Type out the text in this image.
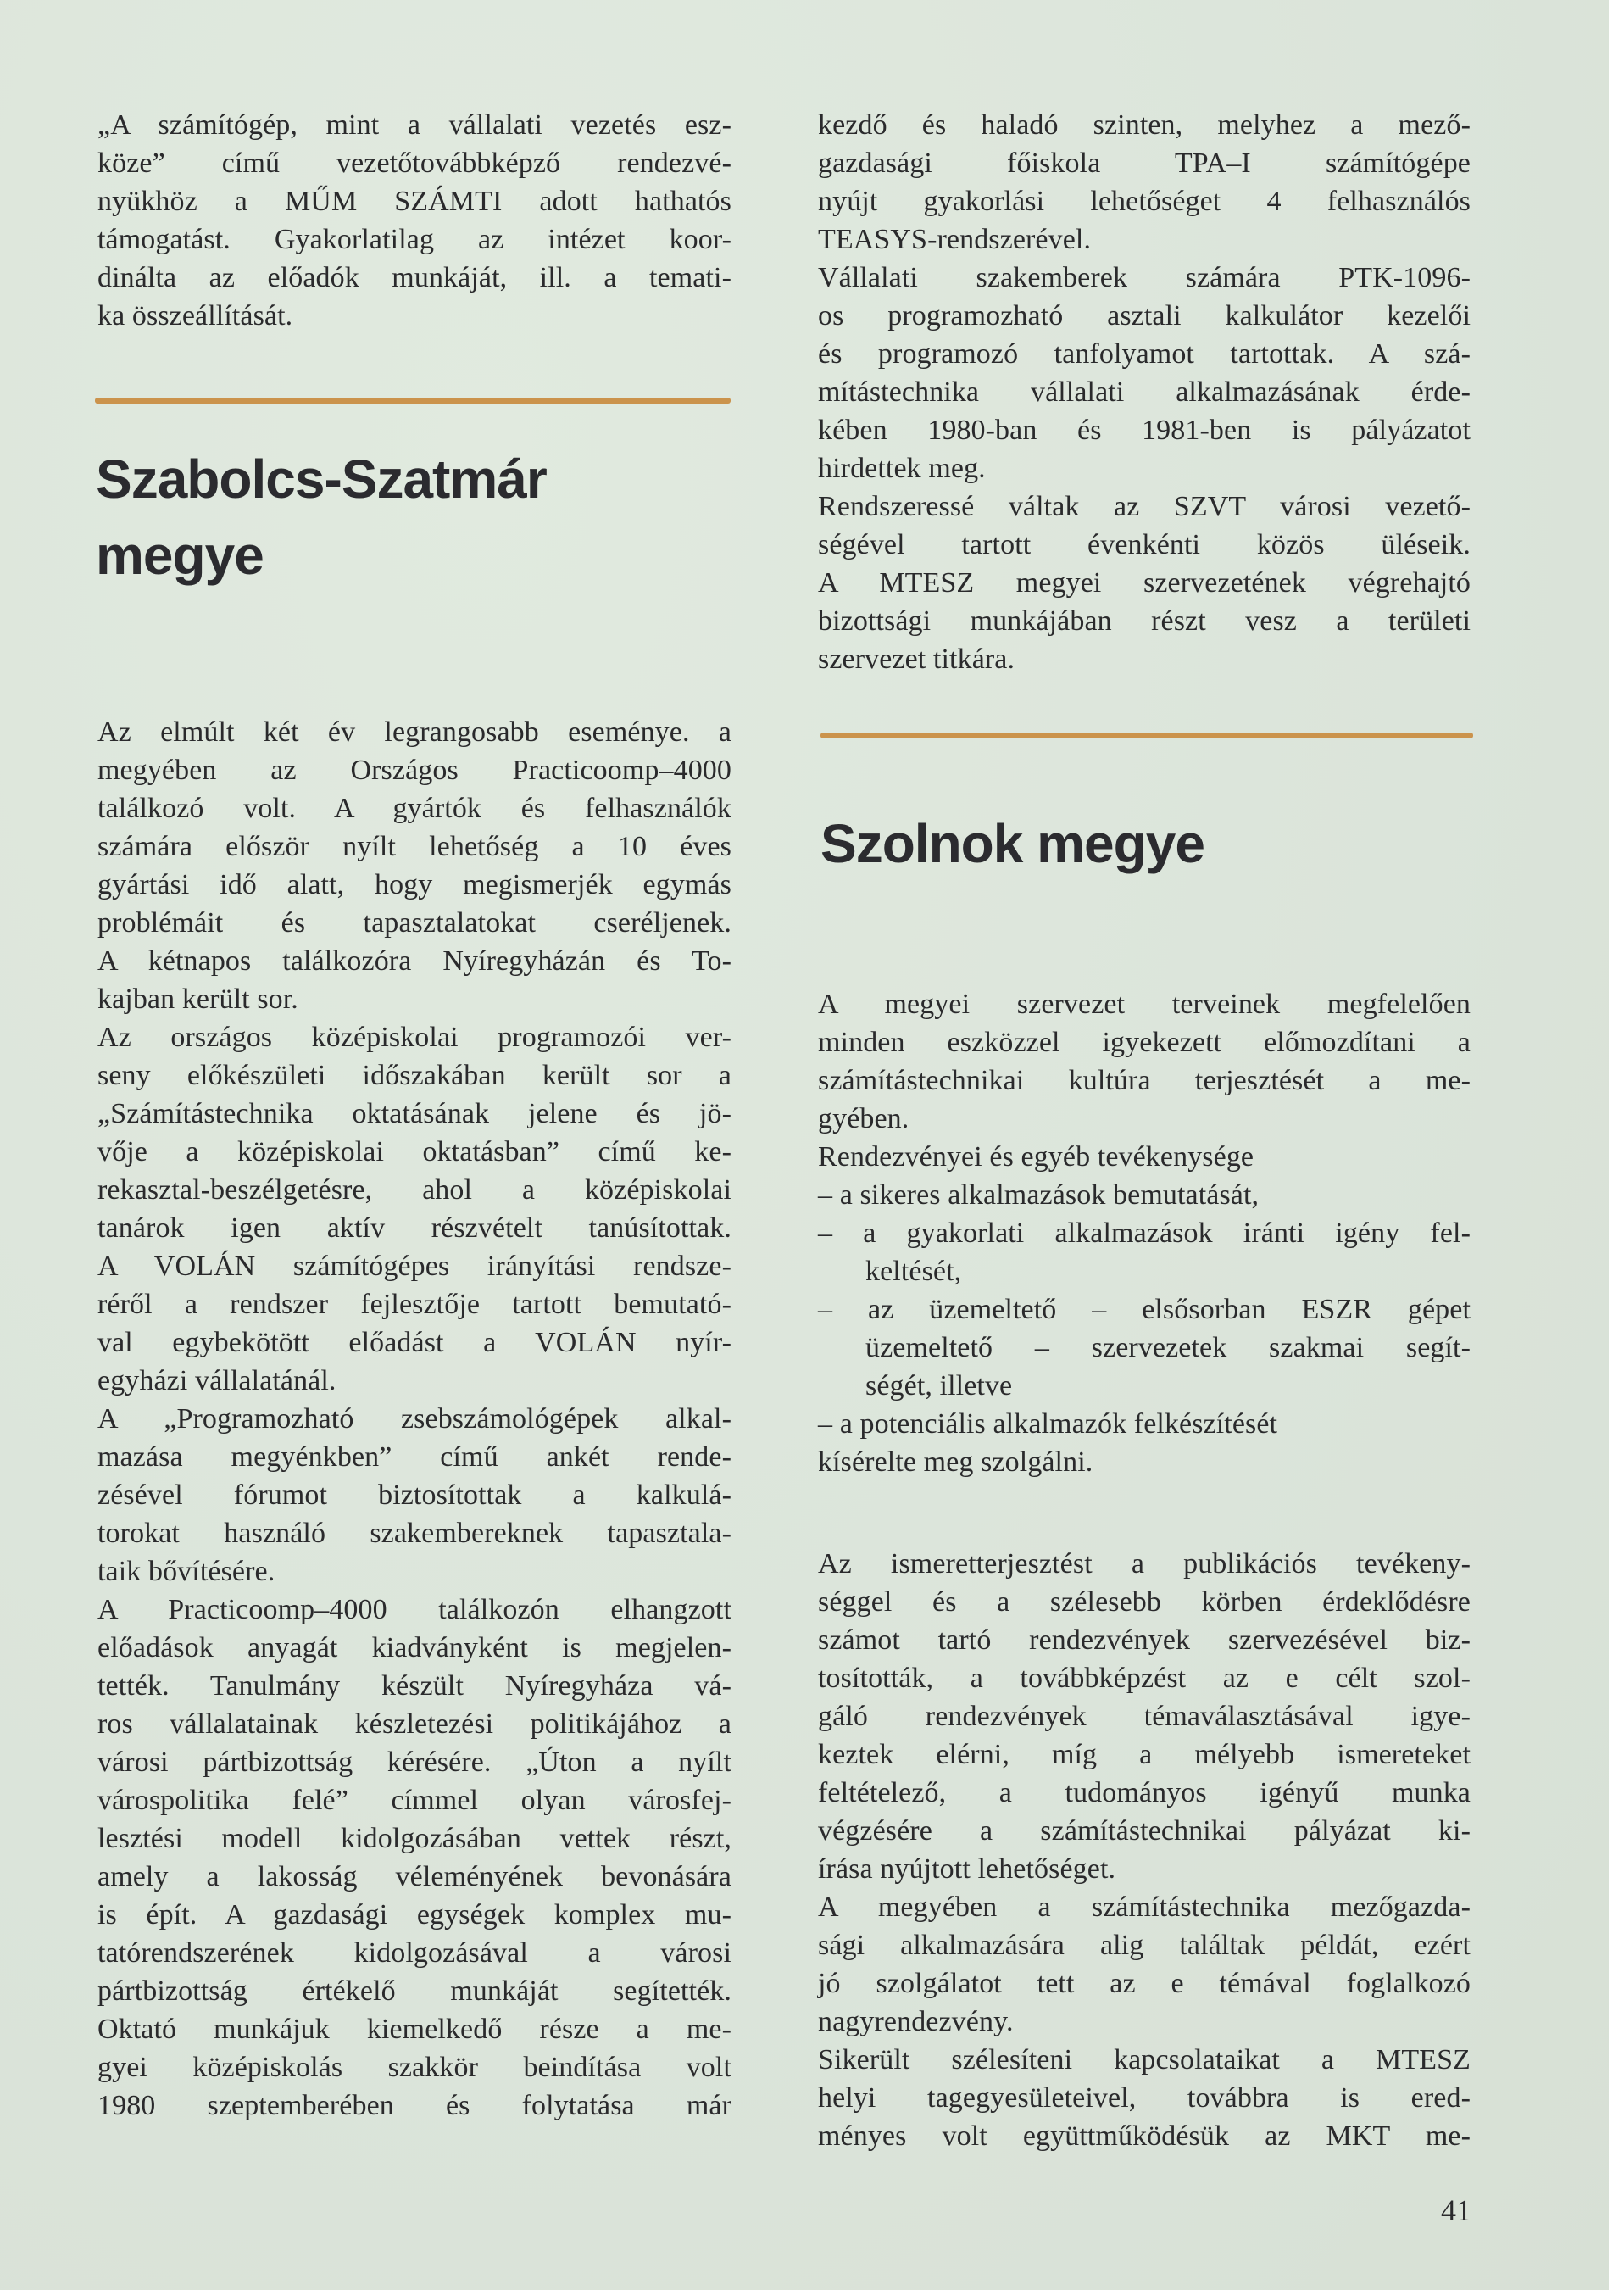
„A számítógép, mint a vállalati vezetés esz-
köze” című vezetőtovábbképző rendezvé-
nyükhöz a MŰM SZÁMTI adott hathatós
támogatást. Gyakorlatilag az intézet koor-
dinálta az előadók munkáját, ill. a temati-
ka összeállítását.
Szabolcs-Szatmár
megye
Az elmúlt két év legrangosabb eseménye. a
megyében az Országos Practicoomp–4000
találkozó volt. A gyártók és felhasználók
számára először nyílt lehetőség a 10 éves
gyártási idő alatt, hogy megismerjék egymás
problémáit és tapasztalatokat cseréljenek.
A kétnapos találkozóra Nyíregyházán és To-
kajban került sor.
Az országos középiskolai programozói ver-
seny előkészületi időszakában került sor a
„Számítástechnika oktatásának jelene és jö-
vője a középiskolai oktatásban” című ke-
rekasztal-beszélgetésre, ahol a középiskolai
tanárok igen aktív részvételt tanúsítottak.
A VOLÁN számítógépes irányítási rendsze-
réről a rendszer fejlesztője tartott bemutató-
val egybekötött előadást a VOLÁN nyír-
egyházi vállalatánál.
A „Programozható zsebszámológépek alkal-
mazása megyénkben” című ankét rende-
zésével fórumot biztosítottak a kalkulá-
torokat használó szakembereknek tapasztala-
taik bővítésére.
A Practicoomp–4000 találkozón elhangzott
előadások anyagát kiadványként is megjelen-
tették. Tanulmány készült Nyíregyháza vá-
ros vállalatainak készletezési politikájához a
városi pártbizottság kérésére. „Úton a nyílt
várospolitika felé” címmel olyan városfej-
lesztési modell kidolgozásában vettek részt,
amely a lakosság véleményének bevonására
is épít. A gazdasági egységek komplex mu-
tatórendszerének kidolgozásával a városi
pártbizottság értékelő munkáját segítették.
Oktató munkájuk kiemelkedő része a me-
gyei középiskolás szakkör beindítása volt
1980 szeptemberében és folytatása már
kezdő és haladó szinten, melyhez a mező-
gazdasági főiskola TPA–I számítógépe
nyújt gyakorlási lehetőséget 4 felhasználós
TEASYS-rendszerével.
Vállalati szakemberek számára PTK-1096-
os programozható asztali kalkulátor kezelői
és programozó tanfolyamot tartottak. A szá-
mítástechnika vállalati alkalmazásának érde-
kében 1980-ban és 1981-ben is pályázatot
hirdettek meg.
Rendszeressé váltak az SZVT városi vezető-
ségével tartott évenkénti közös üléseik.
A MTESZ megyei szervezetének végrehajtó
bizottsági munkájában részt vesz a területi
szervezet titkára.
Szolnok megye
A megyei szervezet terveinek megfelelően
minden eszközzel igyekezett előmozdítani a
számítástechnikai kultúra terjesztését a me-
gyében.
Rendezvényei és egyéb tevékenysége
– a sikeres alkalmazások bemutatását,
– a gyakorlati alkalmazások iránti igény fel-
keltését,
– az üzemeltető – elsősorban ESZR gépet
üzemeltető – szervezetek szakmai segít-
ségét, illetve
– a potenciális alkalmazók felkészítését
kísérelte meg szolgálni.
Az ismeretterjesztést a publikációs tevékeny-
séggel és a szélesebb körben érdeklődésre
számot tartó rendezvények szervezésével biz-
tosították, a továbbképzést az e célt szol-
gáló rendezvények témaválasztásával igye-
keztek elérni, míg a mélyebb ismereteket
feltételező, a tudományos igényű munka
végzésére a számítástechnikai pályázat ki-
írása nyújtott lehetőséget.
A megyében a számítástechnika mezőgazda-
sági alkalmazására alig találtak példát, ezért
jó szolgálatot tett az e témával foglalkozó
nagyrendezvény.
Sikerült szélesíteni kapcsolataikat a MTESZ
helyi tagegyesületeivel, továbbra is ered-
ményes volt együttműködésük az MKT me-
41
